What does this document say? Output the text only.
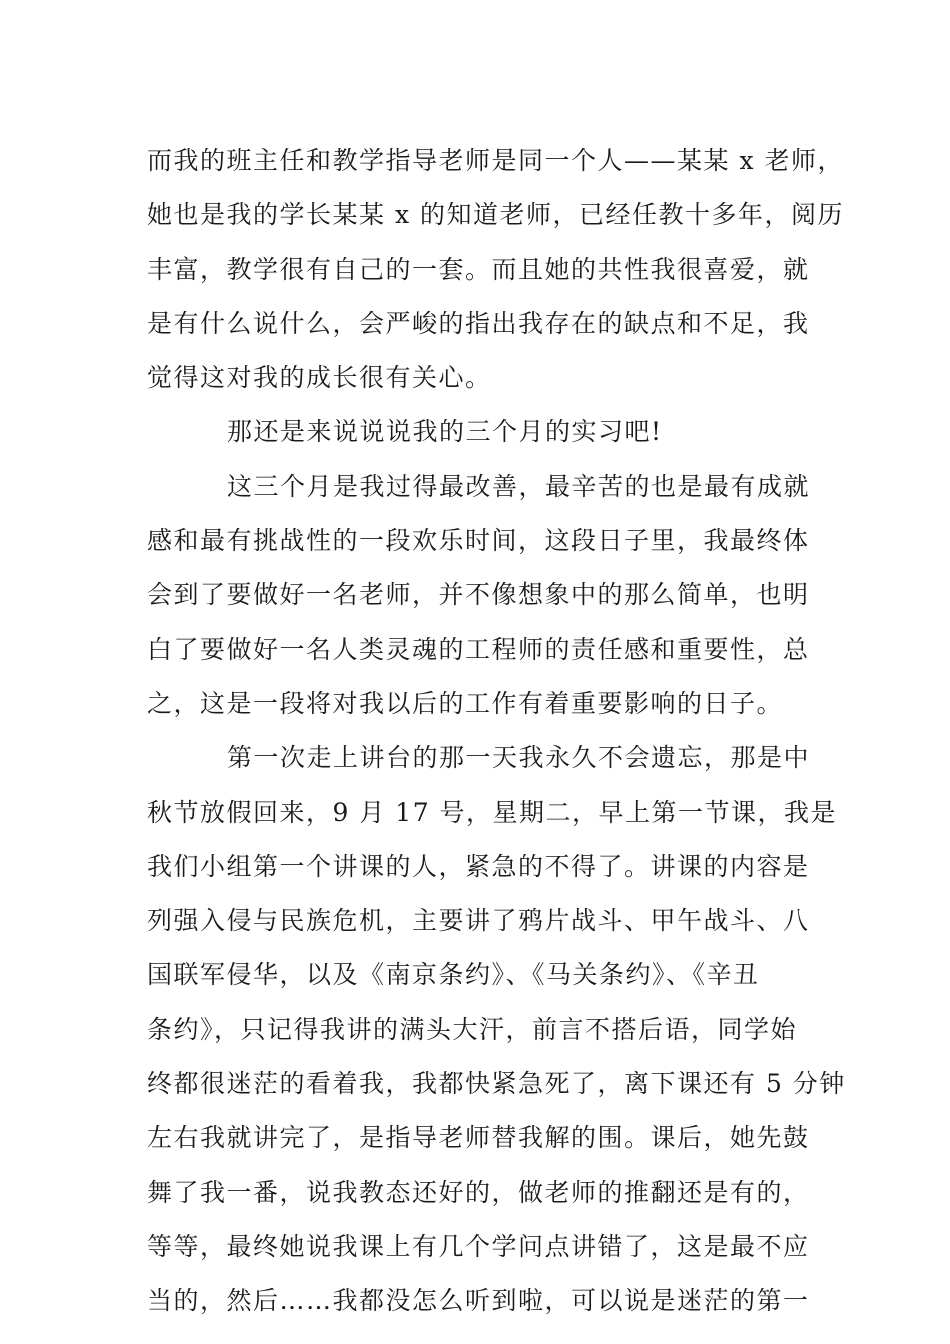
而我的班主任和教学指导老师是同一个人——某某 x 老师，
她也是我的学长某某 x 的知道老师，已经任教十多年，阅历
丰富，教学很有自己的一套。而且她的共性我很喜爱，就
是有什么说什么，会严峻的指出我存在的缺点和不足，我
觉得这对我的成长很有关心。
那还是来说说说我的三个月的实习吧!
这三个月是我过得最改善，最辛苦的也是最有成就
感和最有挑战性的一段欢乐时间，这段日子里，我最终体
会到了要做好一名老师，并不像想象中的那么简单，也明
白了要做好一名人类灵魂的工程师的责任感和重要性，总
之，这是一段将对我以后的工作有着重要影响的日子。
第一次走上讲台的那一天我永久不会遗忘，那是中
秋节放假回来，9 月 17 号，星期二，早上第一节课，我是
我们小组第一个讲课的人，紧急的不得了。讲课的内容是
列强入侵与民族危机，主要讲了鸦片战斗、甲午战斗、八
国联军侵华，以及《南京条约》、《马关条约》、《辛丑
条约》，只记得我讲的满头大汗，前言不搭后语，同学始
终都很迷茫的看着我，我都快紧急死了，离下课还有 5 分钟
左右我就讲完了，是指导老师替我解的围。课后，她先鼓
舞了我一番，说我教态还好的，做老师的推翻还是有的，
等等，最终她说我课上有几个学问点讲错了，这是最不应
当的，然后……我都没怎么听到啦，可以说是迷茫的第一
